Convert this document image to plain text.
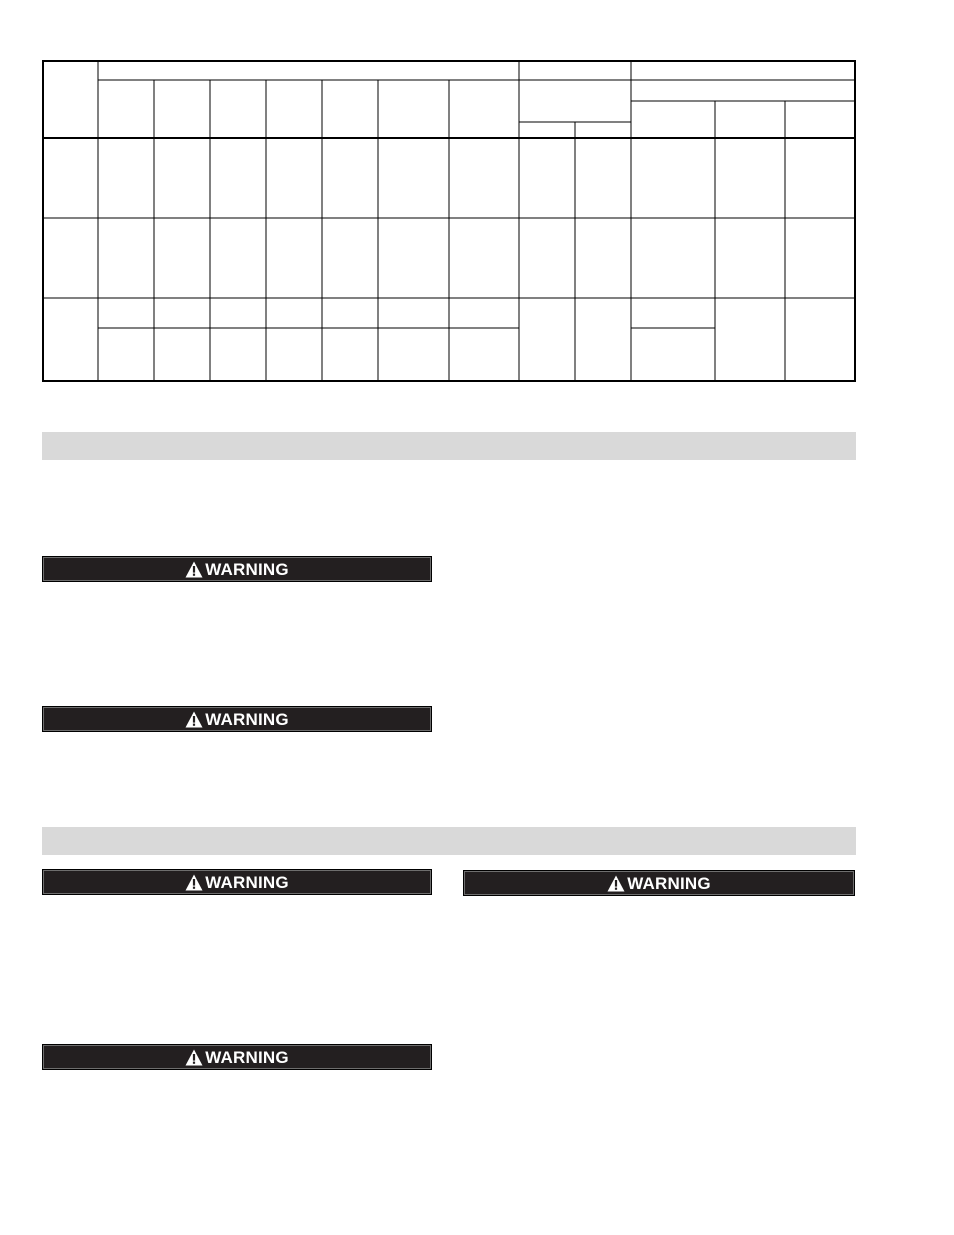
WARNING
WARNING
WARNING	WARNING
WARNING
